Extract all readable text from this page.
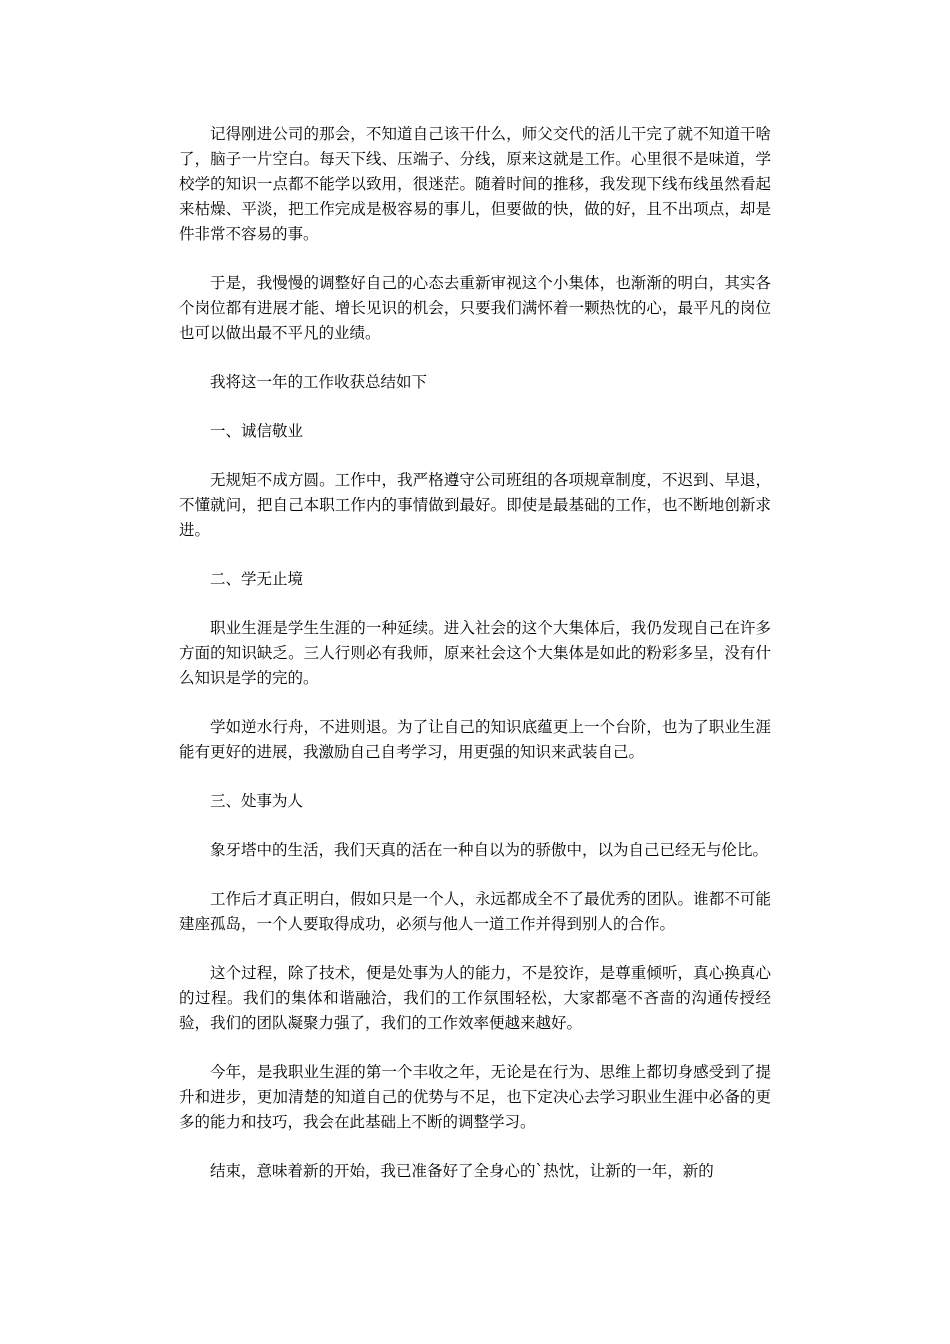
记得刚进公司的那会，不知道自己该干什么，师父交代的活儿干完了就不知道干啥了，脑子一片空白。每天下线、压端子、分线，原来这就是工作。心里很不是味道，学校学的知识一点都不能学以致用，很迷茫。随着时间的推移，我发现下线布线虽然看起来枯燥、平淡，把工作完成是极容易的事儿，但要做的快，做的好，且不出项点，却是件非常不容易的事。

于是，我慢慢的调整好自己的心态去重新审视这个小集体，也渐渐的明白，其实各个岗位都有进展才能、增长见识的机会，只要我们满怀着一颗热忱的心，最平凡的岗位也可以做出最不平凡的业绩。

我将这一年的工作收获总结如下

一、诚信敬业

无规矩不成方圆。工作中，我严格遵守公司班组的各项规章制度，不迟到、早退，不懂就问，把自己本职工作内的事情做到最好。即使是最基础的工作，也不断地创新求进。

二、学无止境

职业生涯是学生生涯的一种延续。进入社会的这个大集体后，我仍发现自己在许多方面的知识缺乏。三人行则必有我师，原来社会这个大集体是如此的粉彩多呈，没有什么知识是学的完的。

学如逆水行舟，不进则退。为了让自己的知识底蕴更上一个台阶，也为了职业生涯能有更好的进展，我激励自己自考学习，用更强的知识来武装自己。

三、处事为人

象牙塔中的生活，我们天真的活在一种自以为的骄傲中，以为自己已经无与伦比。

工作后才真正明白，假如只是一个人，永远都成全不了最优秀的团队。谁都不可能建座孤岛，一个人要取得成功，必须与他人一道工作并得到别人的合作。

这个过程，除了技术，便是处事为人的能力，不是狡诈，是尊重倾听，真心换真心的过程。我们的集体和谐融洽，我们的工作氛围轻松，大家都毫不吝啬的沟通传授经验，我们的团队凝聚力强了，我们的工作效率便越来越好。

今年，是我职业生涯的第一个丰收之年，无论是在行为、思维上都切身感受到了提升和进步，更加清楚的知道自己的优势与不足，也下定决心去学习职业生涯中必备的更多的能力和技巧，我会在此基础上不断的调整学习。

结束，意味着新的开始，我已准备好了全身心的`热忱，让新的一年，新的
